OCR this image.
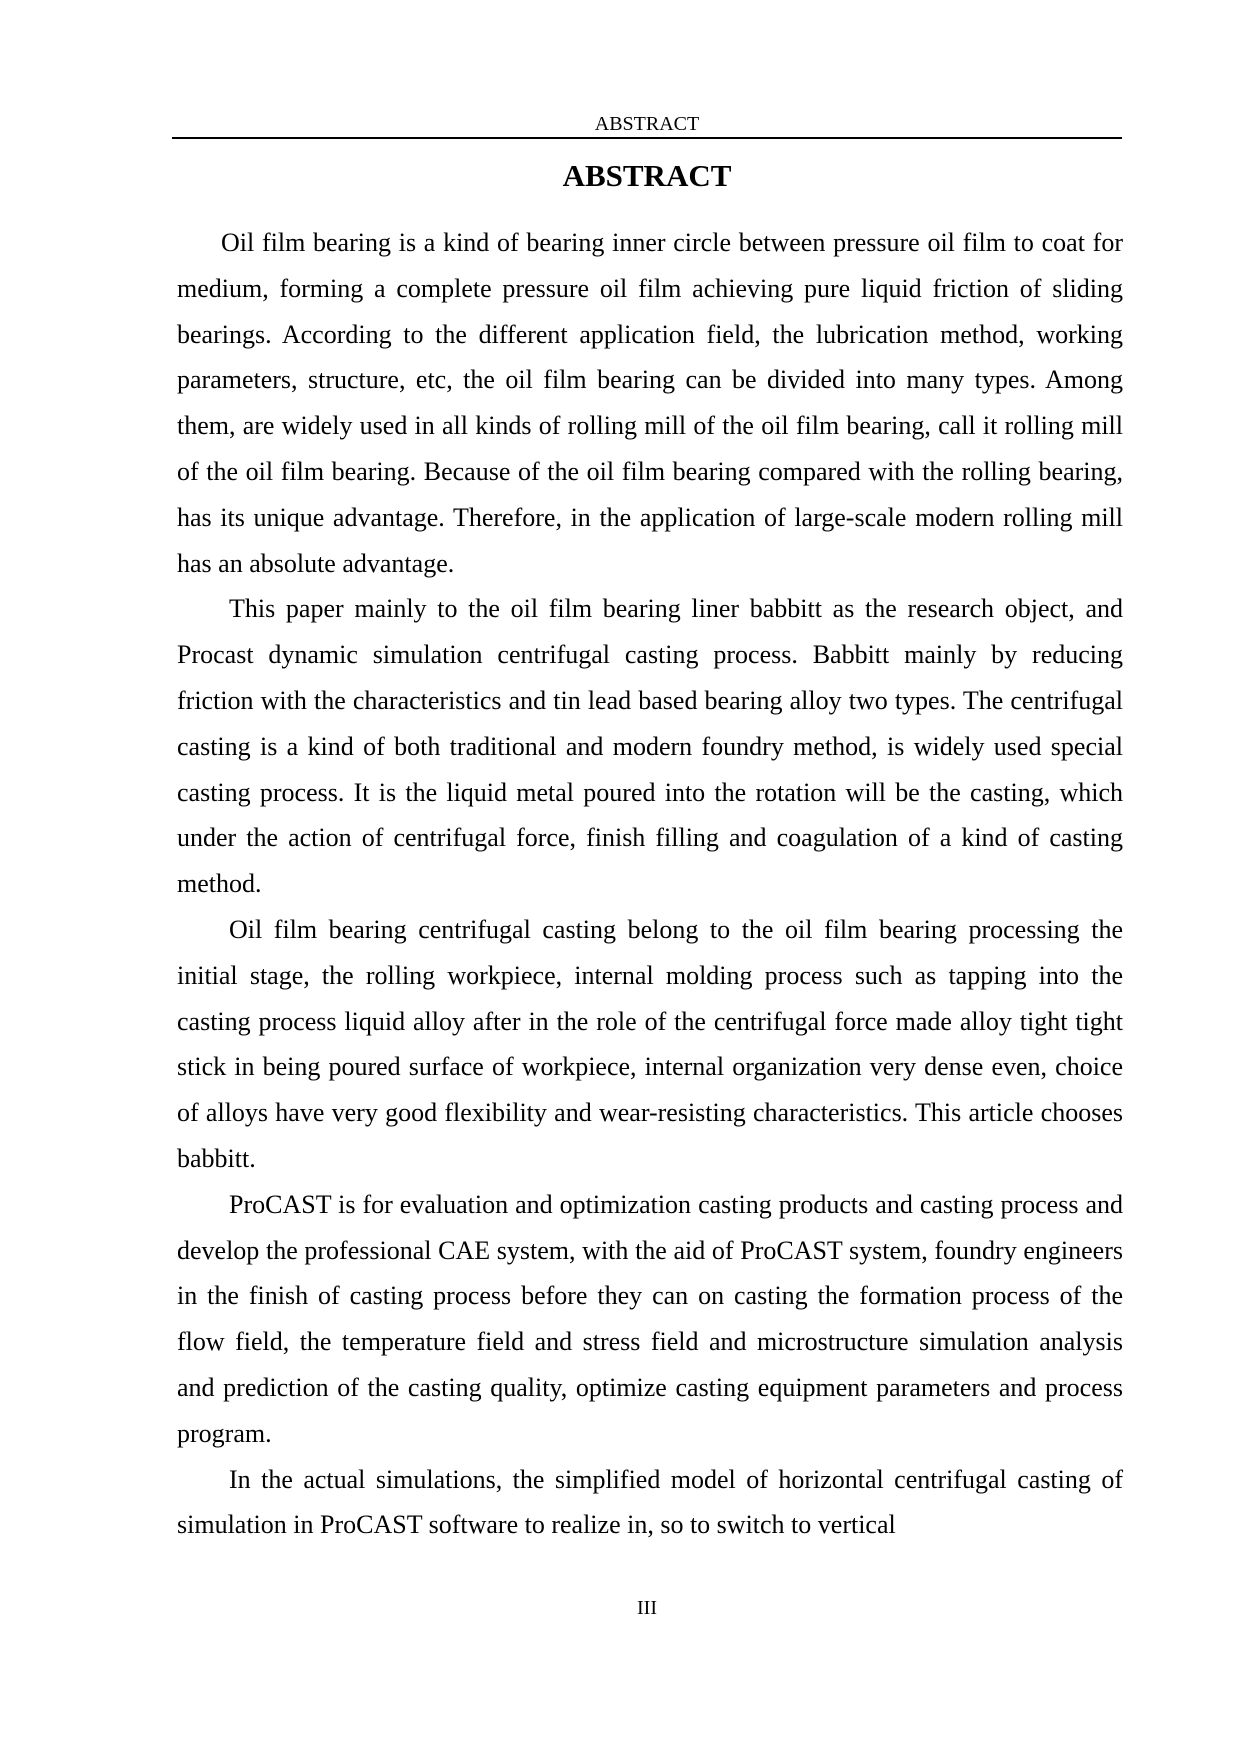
ABSTRACT
ABSTRACT

Oil film bearing is a kind of bearing inner circle between pressure oil film to coat for medium, forming a complete pressure oil film achieving pure liquid friction of sliding bearings. According to the different application field, the lubrication method, working parameters, structure, etc, the oil film bearing can be divided into many types. Among them, are widely used in all kinds of rolling mill of the oil film bearing, call it rolling mill of the oil film bearing. Because of the oil film bearing compared with the rolling bearing, has its unique advantage. Therefore, in the application of large-scale modern rolling mill has an absolute advantage.

This paper mainly to the oil film bearing liner babbitt as the research object, and Procast dynamic simulation centrifugal casting process. Babbitt mainly by reducing friction with the characteristics and tin lead based bearing alloy two types. The centrifugal casting is a kind of both traditional and modern foundry method, is widely used special casting process. It is the liquid metal poured into the rotation will be the casting, which under the action of centrifugal force, finish filling and coagulation of a kind of casting method.

Oil film bearing centrifugal casting belong to the oil film bearing processing the initial stage, the rolling workpiece, internal molding process such as tapping into the casting process liquid alloy after in the role of the centrifugal force made alloy tight tight stick in being poured surface of workpiece, internal organization very dense even, choice of alloys have very good flexibility and wear-resisting characteristics. This article chooses babbitt.

ProCAST is for evaluation and optimization casting products and casting process and develop the professional CAE system, with the aid of ProCAST system, foundry engineers in the finish of casting process before they can on casting the formation process of the flow field, the temperature field and stress field and microstructure simulation analysis and prediction of the casting quality, optimize casting equipment parameters and process program.

In the actual simulations, the simplified model of horizontal centrifugal casting of simulation in ProCAST software to realize in, so to switch to vertical

III
